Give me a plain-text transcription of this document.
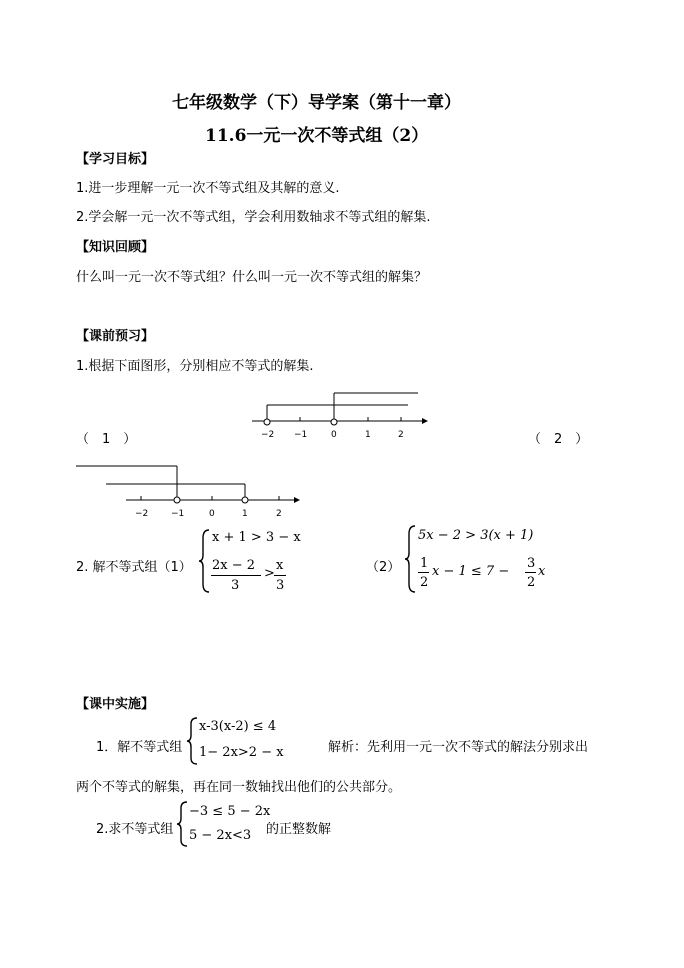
七年级数学（下）导学案（第十一章）
11.6一元一次不等式组（2）
【学习目标】
1.进一步理解一元一次不等式组及其解的意义.
2.学会解一元一次不等式组，学会利用数轴求不等式组的解集.
【知识回顾】
什么叫一元一次不等式组？什么叫一元一次不等式组的解集？
【课前预习】
1.根据下面图形，分别相应不等式的解集.
−2 −1	0	1	2
（　1　）	（　2　）
−2	−1	0	1	2
2. 解不等式组（1）
x + 1 > 3 − x
2x − 2
3
>
x
3
（2）
5x − 2 > 3(x + 1)
1
2
x − 1 ≤ 7 −
3
2
x
【课中实施】
1．解不等式组
x-3(x-2) ≤ 4
1− 2x>2 − x	解析：先利用一元一次不等式的解法分别求出
两个不等式的解集，再在同一数轴找出他们的公共部分。
2.求不等式组
−3 ≤ 5 − 2x
5 − 2x<3 的正整数解
